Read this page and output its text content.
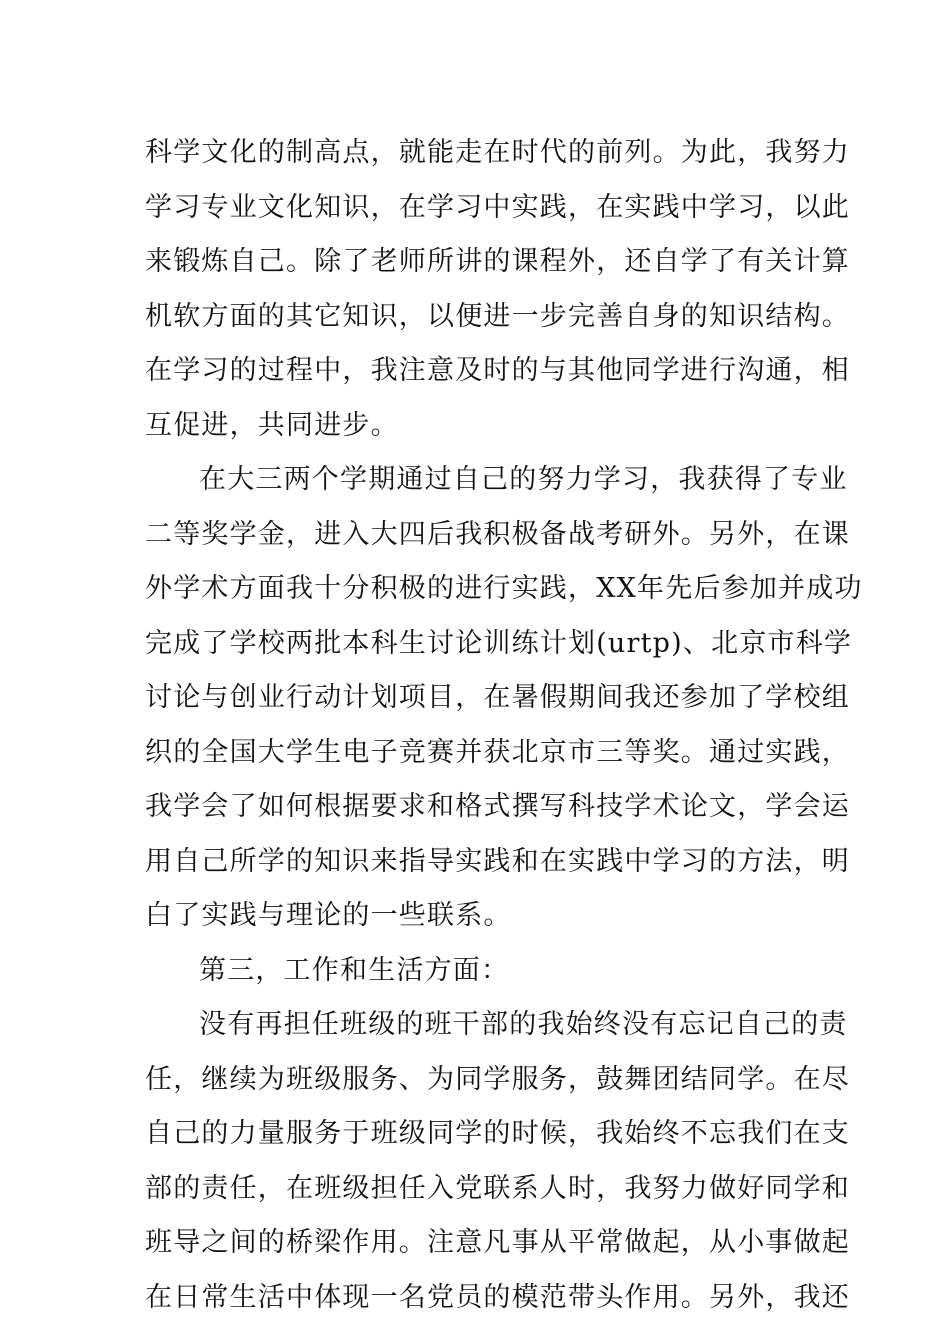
科学文化的制高点，就能走在时代的前列。为此，我努力
学习专业文化知识，在学习中实践，在实践中学习，以此
来锻炼自己。除了老师所讲的课程外，还自学了有关计算
机软方面的其它知识，以便进一步完善自身的知识结构。
在学习的过程中，我注意及时的与其他同学进行沟通，相
互促进，共同进步。
在大三两个学期通过自己的努力学习，我获得了专业
二等奖学金，进入大四后我积极备战考研外。另外，在课
外学术方面我十分积极的进行实践，XX年先后参加并成功
完成了学校两批本科生讨论训练计划(urtp)、北京市科学
讨论与创业行动计划项目，在暑假期间我还参加了学校组
织的全国大学生电子竞赛并获北京市三等奖。通过实践，
我学会了如何根据要求和格式撰写科技学术论文，学会运
用自己所学的知识来指导实践和在实践中学习的方法，明
白了实践与理论的一些联系。
第三，工作和生活方面：
没有再担任班级的班干部的我始终没有忘记自己的责
任，继续为班级服务、为同学服务，鼓舞团结同学。在尽
自己的力量服务于班级同学的时候，我始终不忘我们在支
部的责任，在班级担任入党联系人时，我努力做好同学和
班导之间的桥梁作用。注意凡事从平常做起，从小事做起
在日常生活中体现一名党员的模范带头作用。另外，我还
